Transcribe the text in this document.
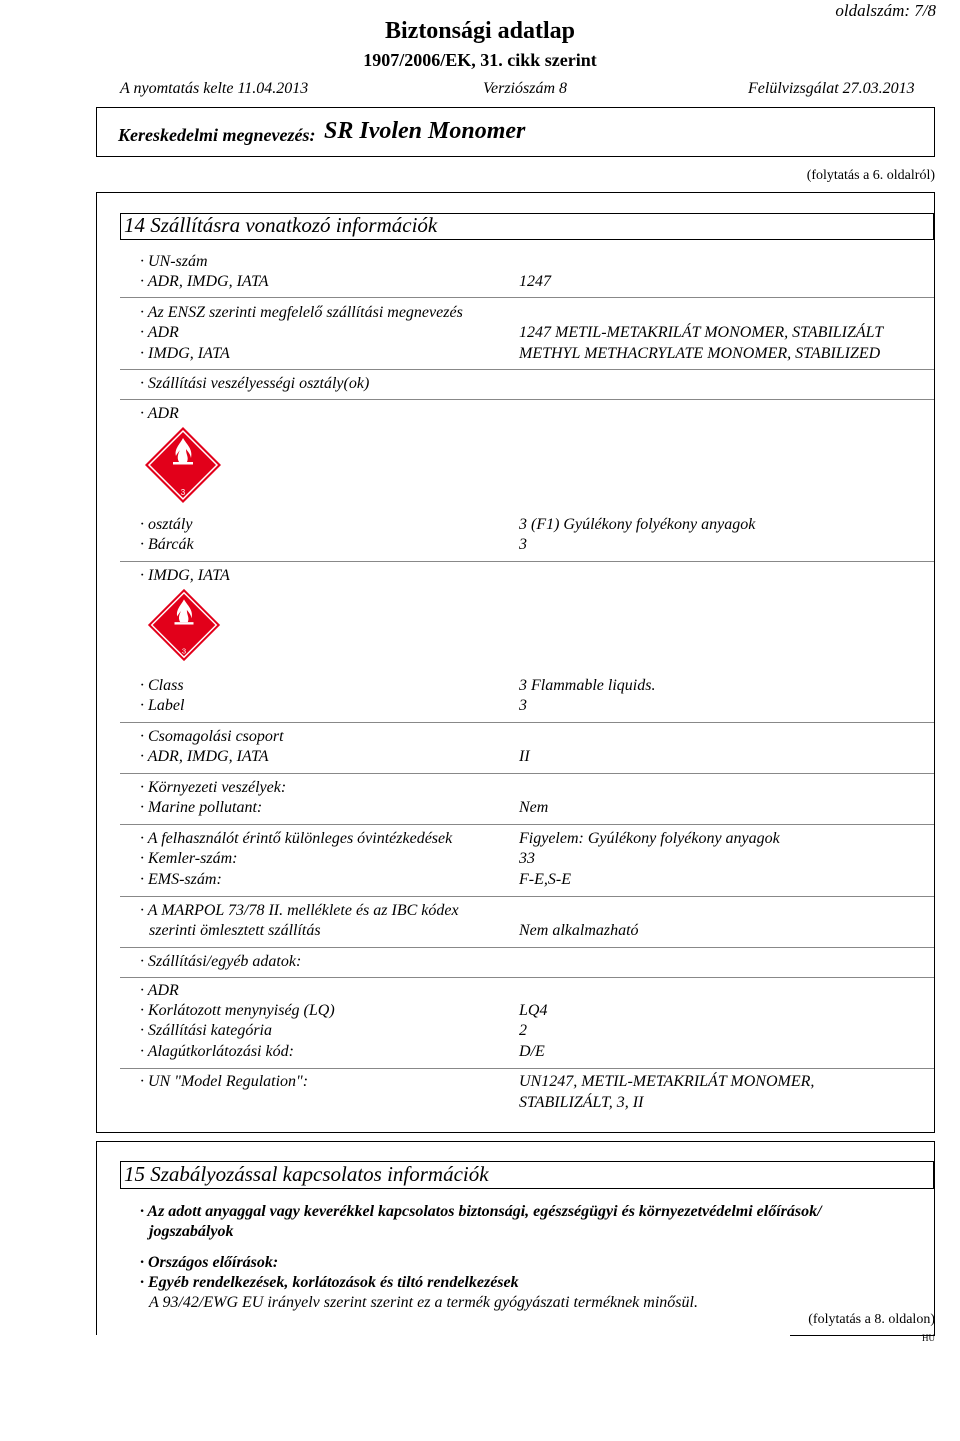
oldalszám: 7/8
Biztonsági adatlap
1907/2006/EK, 31. cikk szerint
A nyomtatás kelte 11.04.2013	Verziószám 8	Felülvizsgálat 27.03.2013
Kereskedelmi megnevezés: SR Ivolen Monomer
(folytatás a 6. oldalról)
14 Szállításra vonatkozó információk
· UN-szám
· ADR, IMDG, IATA	1247
· Az ENSZ szerinti megfelelő szállítási megnevezés
· ADR	1247 METIL-METAKRILÁT MONOMER, STABILIZÁLT
· IMDG, IATA	METHYL METHACRYLATE MONOMER, STABILIZED
· Szállítási veszélyességi osztály(ok)
· ADR
3
· osztály	3 (F1) Gyúlékony folyékony anyagok
· Bárcák	3
· IMDG, IATA
3
· Class	3 Flammable liquids.
· Label	3
· Csomagolási csoport
· ADR, IMDG, IATA	II
· Környezeti veszélyek:
· Marine pollutant:	Nem
· A felhasználót érintő különleges óvintézkedések	Figyelem: Gyúlékony folyékony anyagok
· Kemler-szám:	33
· EMS-szám:	F-E,S-E
· A MARPOL 73/78 II. melléklete és az IBC kódex
szerinti ömlesztett szállítás	Nem alkalmazható
· Szállítási/egyéb adatok:
· ADR
· Korlátozott menynyiség (LQ)	LQ4
· Szállítási kategória	2
· Alagútkorlátozási kód:	D/E
· UN "Model Regulation":	UN1247, METIL-METAKRILÁT MONOMER,
STABILIZÁLT, 3, II
15 Szabályozással kapcsolatos információk
· Az adott anyaggal vagy keverékkel kapcsolatos biztonsági, egészségügyi és környezetvédelmi előírások/
jogszabályok
· Országos előírások:
· Egyéb rendelkezések, korlátozások és tiltó rendelkezések
A 93/42/EWG EU irányelv szerint szerint ez a termék gyógyászati terméknek minősül.
(folytatás a 8. oldalon)
HU
